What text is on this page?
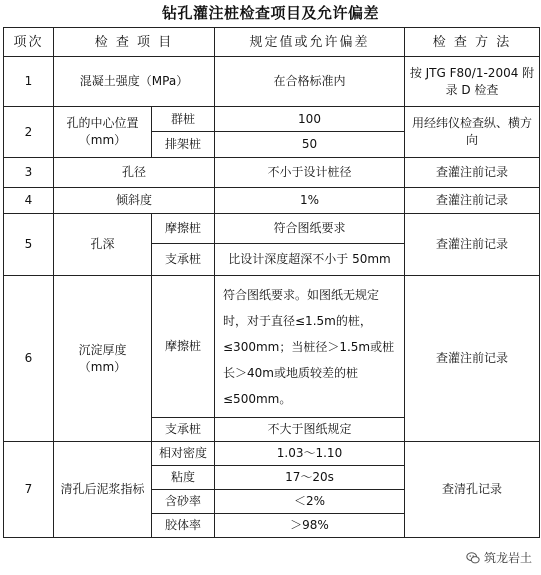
钻孔灌注桩检查项目及允许偏差
项次	检 查 项 目		规定值或允许偏差	检 查 方 法
1	混凝土强度（MPa）		在合格标准内	按 JTG F80/1-2004 附录 D 检查
2	孔的中心位置（mm）	群桩	100	用经纬仪检查纵、横方向
		排架桩	50	
3	孔径		不小于设计桩径	查灌注前记录
4	倾斜度		1%	查灌注前记录
5	孔深	摩擦桩	符合图纸要求	查灌注前记录
		支承桩	比设计深度超深不小于 50mm	
6	沉淀厚度（mm）	摩擦桩	符合图纸要求。如图纸无规定时，对于直径≤1.5m的桩，≤300mm；当桩径＞1.5m或桩长＞40m或地质较差的桩≤500mm。	查灌注前记录
		支承桩	不大于图纸规定	
7	清孔后泥浆指标	相对密度	1.03～1.10	查清孔记录
		粘度	17～20s	
		含砂率	＜2%	
		胶体率	＞98%	
筑龙岩土
